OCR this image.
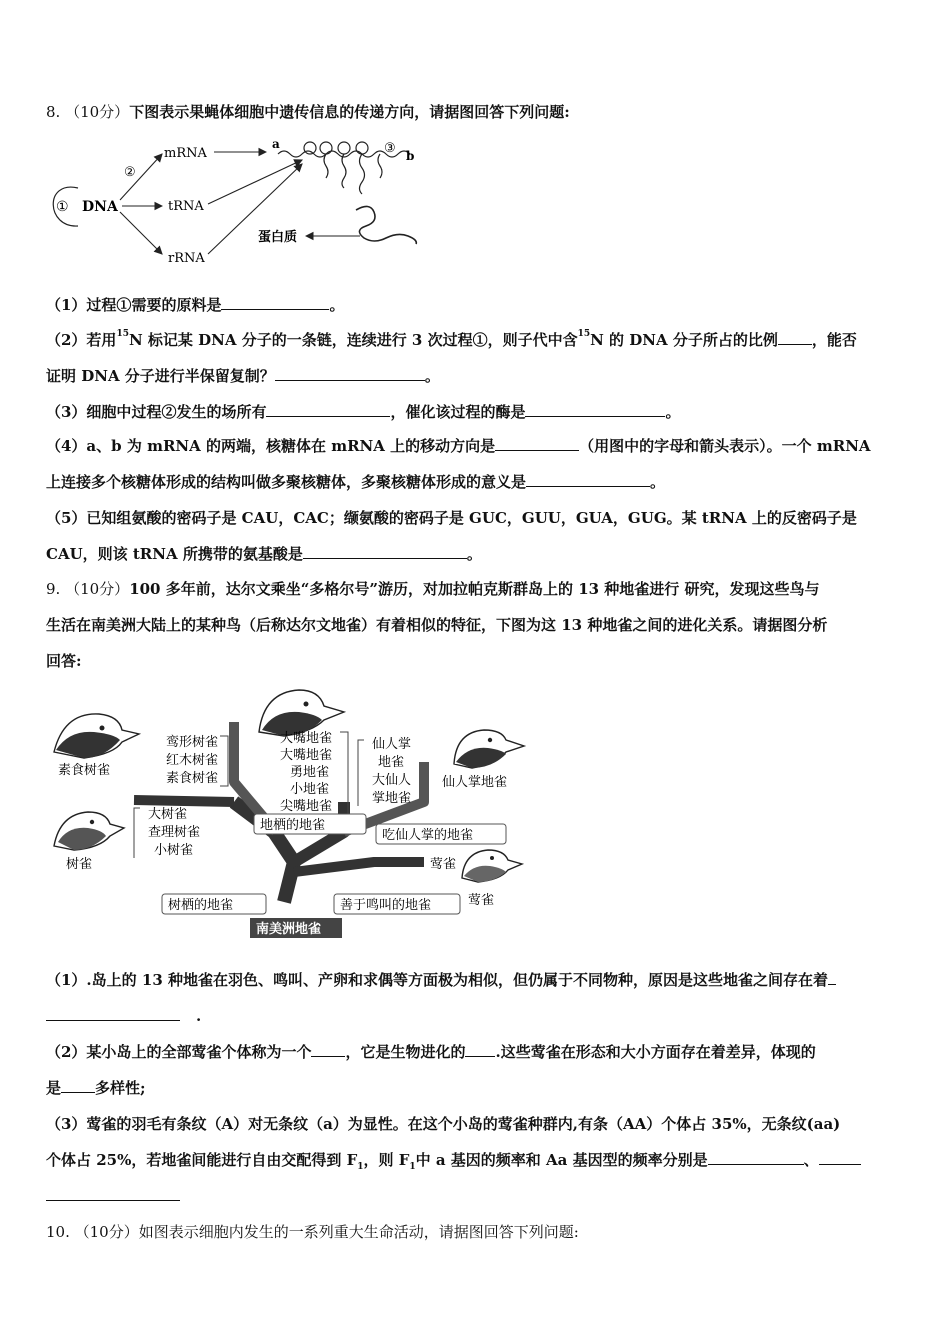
8. （10分）下图表示果蝇体细胞中遗传信息的传递方向，请据图回答下列问题:
① DNA
②
mRNA
tRNA
rRNA
a	③ b
蛋白质
（1）过程①需要的原料是	。
（2）若用$^{15}$N 标记某 DNA 分子的一条链，连续进行 3 次过程①，则子代中含$^{15}$N 的 DNA 分子所占的比例 ，能否
证明 DNA 分子进行半保留复制？	。
（3）细胞中过程②发生的场所有	，催化该过程的酶是	。
（4）a、b 为 mRNA 的两端，核糖体在 mRNA 上的移动方向是	（用图中的字母和箭头表示）。一个 mRNA
上连接多个核糖体形成的结构叫做多聚核糖体，多聚核糖体形成的意义是	。
（5）已知组氨酸的密码子是 CAU，CAC；缬氨酸的密码子是 GUC，GUU，GUA，GUG。某 tRNA 上的反密码子是
CAU，则该 tRNA 所携带的氨基酸是	。
9. （10分）100 多年前，达尔文乘坐“多格尔号”游历，对加拉帕克斯群岛上的 13 种地雀进行 研究，发现这些鸟与
生活在南美洲大陆上的某种鸟（后称达尔文地雀）有着相似的特征，下图为这 13 种地雀之间的进化关系。请据图分析
回答:
素食树雀
树雀
仙人掌地雀
莺雀
鸾形树雀
红木树雀
素食树雀
大树雀
查理树雀
小树雀
大嘴地雀
大嘴地雀
勇地雀
小地雀
尖嘴地雀
地栖的地雀
仙人掌
地雀
大仙人
掌地雀
吃仙人掌的地雀
莺雀
树栖的地雀	善于鸣叫的地雀
南美洲地雀
（1）.岛上的 13 种地雀在羽色、鸣叫、产卵和求偶等方面极为相似，但仍属于不同物种，原因是这些地雀之间存在着
.
（2）某小岛上的全部莺雀个体称为一个 ，它是生物进化的 .这些莺雀在形态和大小方面存在着差异，体现的
是 多样性;
（3）莺雀的羽毛有条纹（A）对无条纹（a）为显性。在这个小岛的莺雀种群内,有条（AA）个体占 35%，无条纹(aa)
个体占 25%，若地雀间能进行自由交配得到 $F_1$，则 $F_1$中 a 基因的频率和 Aa 基因型的频率分别是	、
10. （10分）如图表示细胞内发生的一系列重大生命活动，请据图回答下列问题:
